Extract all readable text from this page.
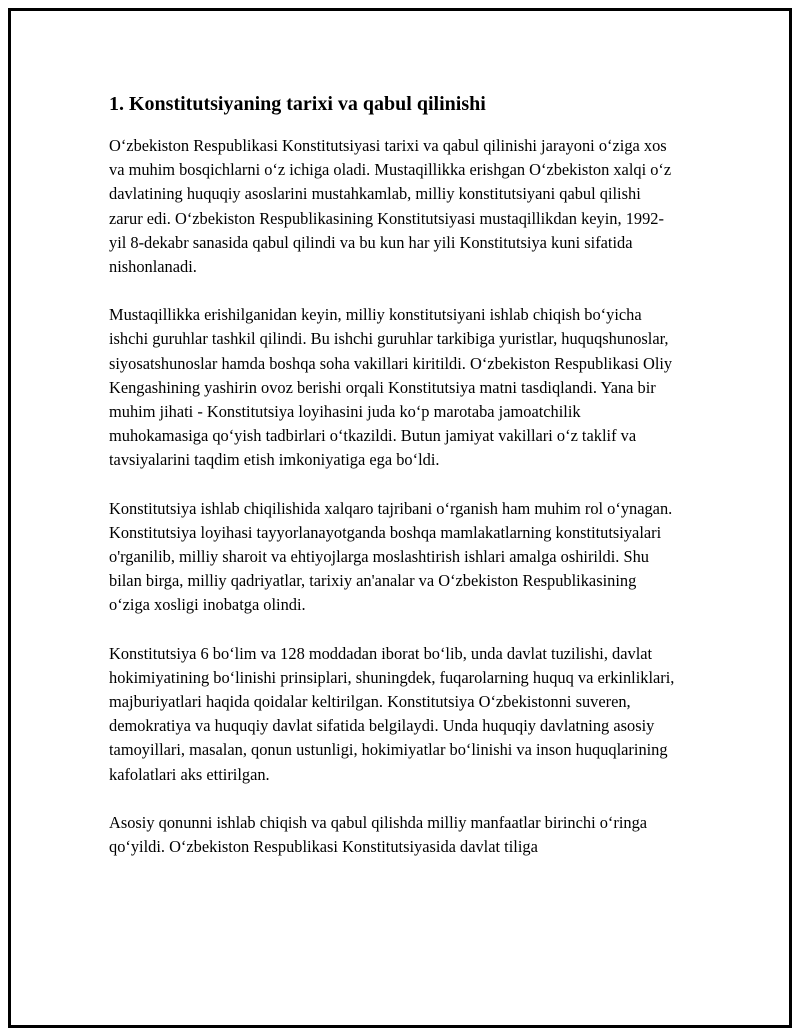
1. Konstitutsiyaning tarixi va qabul qilinishi

O‘zbekiston Respublikasi Konstitutsiyasi tarixi va qabul qilinishi jarayoni o‘ziga xos va muhim bosqichlarni o‘z ichiga oladi. Mustaqillikka erishgan O‘zbekiston xalqi o‘z davlatining huquqiy asoslarini mustahkamlab, milliy konstitutsiyani qabul qilishi zarur edi. O‘zbekiston Respublikasining Konstitutsiyasi mustaqillikdan keyin, 1992-yil 8-dekabr sanasida qabul qilindi va bu kun har yili Konstitutsiya kuni sifatida nishonlanadi.

Mustaqillikka erishilganidan keyin, milliy konstitutsiyani ishlab chiqish bo‘yicha ishchi guruhlar tashkil qilindi. Bu ishchi guruhlar tarkibiga yuristlar, huquqshunoslar, siyosatshunoslar hamda boshqa soha vakillari kiritildi. O‘zbekiston Respublikasi Oliy Kengashining yashirin ovoz berishi orqali Konstitutsiya matni tasdiqlandi. Yana bir muhim jihati - Konstitutsiya loyihasini juda ko‘p marotaba jamoatchilik muhokamasiga qo‘yish tadbirlari o‘tkazildi. Butun jamiyat vakillari o‘z taklif va tavsiyalarini taqdim etish imkoniyatiga ega bo‘ldi.

Konstitutsiya ishlab chiqilishida xalqaro tajribani o‘rganish ham muhim rol o‘ynagan. Konstitutsiya loyihasi tayyorlanayotganda boshqa mamlakatlarning konstitutsiyalari o'rganilib, milliy sharoit va ehtiyojlarga moslashtirish ishlari amalga oshirildi. Shu bilan birga, milliy qadriyatlar, tarixiy an'analar va O‘zbekiston Respublikasining o‘ziga xosligi inobatga olindi.

Konstitutsiya 6 bo‘lim va 128 moddadan iborat bo‘lib, unda davlat tuzilishi, davlat hokimiyatining bo‘linishi prinsiplari, shuningdek, fuqarolarning huquq va erkinliklari, majburiyatlari haqida qoidalar keltirilgan. Konstitutsiya O‘zbekistonni suveren, demokratiya va huquqiy davlat sifatida belgilaydi. Unda huquqiy davlatning asosiy tamoyillari, masalan, qonun ustunligi, hokimiyatlar bo‘linishi va inson huquqlarining kafolatlari aks ettirilgan.

Asosiy qonunni ishlab chiqish va qabul qilishda milliy manfaatlar birinchi o‘ringa qo‘yildi. O‘zbekiston Respublikasi Konstitutsiyasida davlat tiliga
